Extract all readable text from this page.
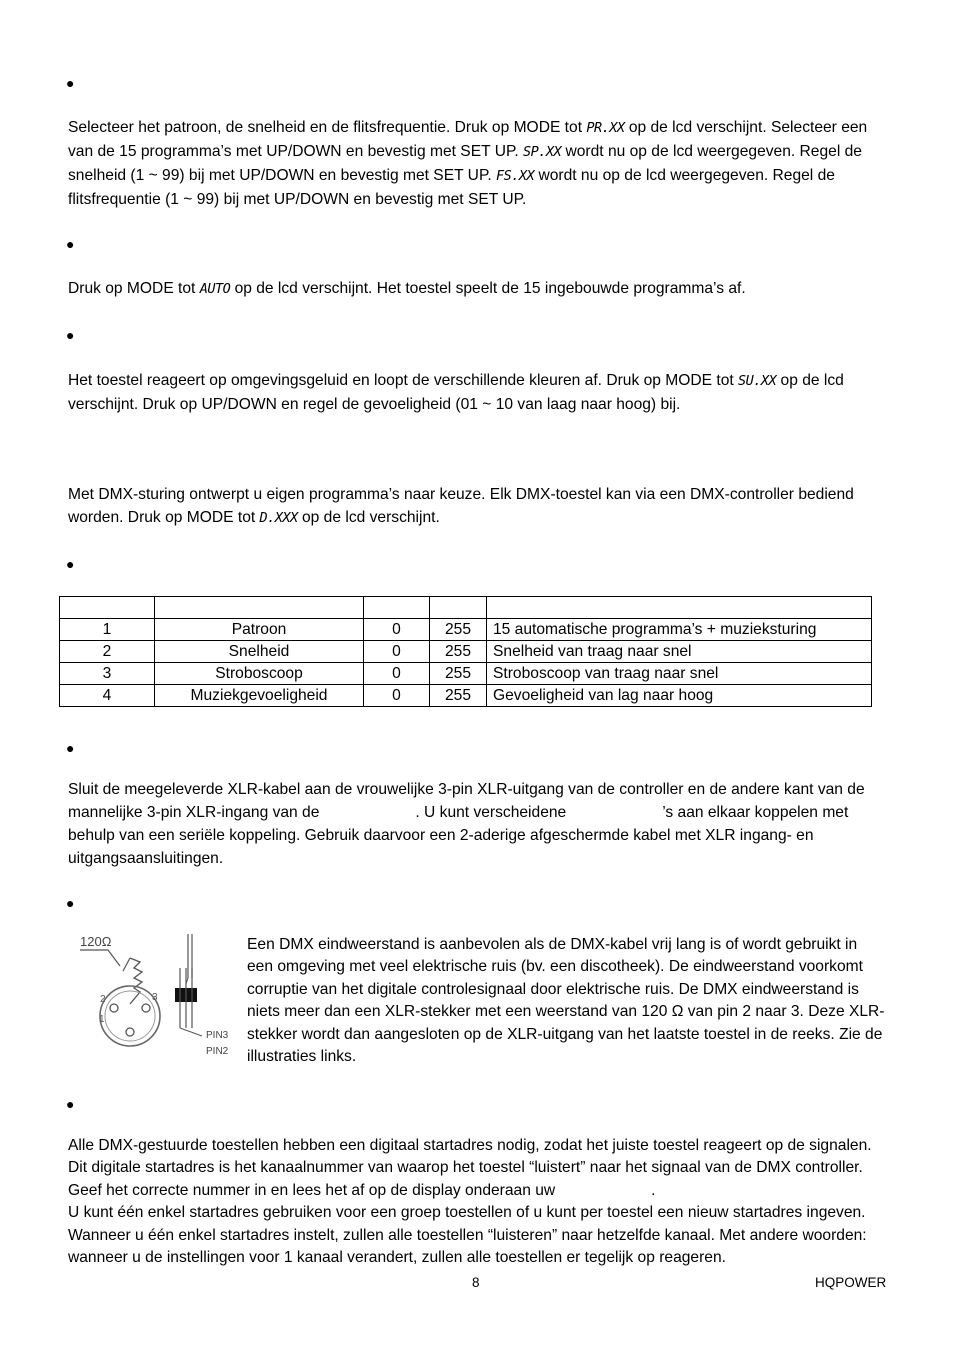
●
Selecteer het patroon, de snelheid en de flitsfrequentie. Druk op MODE tot PR.XX op de lcd verschijnt. Selecteer een van de 15 programma’s met UP/DOWN en bevestig met SET UP. SP.XX wordt nu op de lcd weergegeven. Regel de snelheid (1 ~ 99) bij met UP/DOWN en bevestig met SET UP. FS.XX wordt nu op de lcd weergegeven. Regel de flitsfrequentie (1 ~ 99) bij met UP/DOWN en bevestig met SET UP.
●
Druk op MODE tot AUTO op de lcd verschijnt. Het toestel speelt de 15 ingebouwde programma’s af.
●
Het toestel reageert op omgevingsgeluid en loopt de verschillende kleuren af. Druk op MODE tot SU.XX op de lcd verschijnt. Druk op UP/DOWN en regel de gevoeligheid (01 ~ 10 van laag naar hoog) bij.
Met DMX-sturing ontwerpt u eigen programma’s naar keuze. Elk DMX-toestel kan via een DMX-controller bediend worden. Druk op MODE tot D.XXX op de lcd verschijnt.
●

1	Patroon	0	255	15 automatische programma’s + muzieksturing
2	Snelheid	0	255	Snelheid van traag naar snel
3	Stroboscoop	0	255	Stroboscoop van traag naar snel
4	Muziekgevoeligheid	0	255	Gevoeligheid van lag naar hoog
●
Sluit de meegeleverde XLR-kabel aan de vrouwelijke 3-pin XLR-uitgang van de controller en de andere kant van de mannelijke 3-pin XLR-ingang van de	. U kunt verscheidene	’s aan elkaar koppelen met behulp van een seriële koppeling. Gebruik daarvoor een 2-aderige afgeschermde kabel met XLR ingang- en uitgangsaansluitingen.
●
120Ω
2
1
3
PIN3
PIN2
Een DMX eindweerstand is aanbevolen als de DMX-kabel vrij lang is of wordt gebruikt in een omgeving met veel elektrische ruis (bv. een discotheek). De eindweerstand voorkomt corruptie van het digitale controlesignaal door elektrische ruis. De DMX eindweerstand is niets meer dan een XLR-stekker met een weerstand van 120 Ω van pin 2 naar 3. Deze XLR-stekker wordt dan aangesloten op de XLR-uitgang van het laatste toestel in de reeks. Zie de illustraties links.
●
Alle DMX-gestuurde toestellen hebben een digitaal startadres nodig, zodat het juiste toestel reageert op de signalen. Dit digitale startadres is het kanaalnummer van waarop het toestel “luistert” naar het signaal van de DMX controller. Geef het correcte nummer in en lees het af op de display onderaan uw	.
U kunt één enkel startadres gebruiken voor een groep toestellen of u kunt per toestel een nieuw startadres ingeven. Wanneer u één enkel startadres instelt, zullen alle toestellen “luisteren” naar hetzelfde kanaal. Met andere woorden: wanneer u de instellingen voor 1 kanaal verandert, zullen alle toestellen er tegelijk op reageren.
8	HQPOWER
